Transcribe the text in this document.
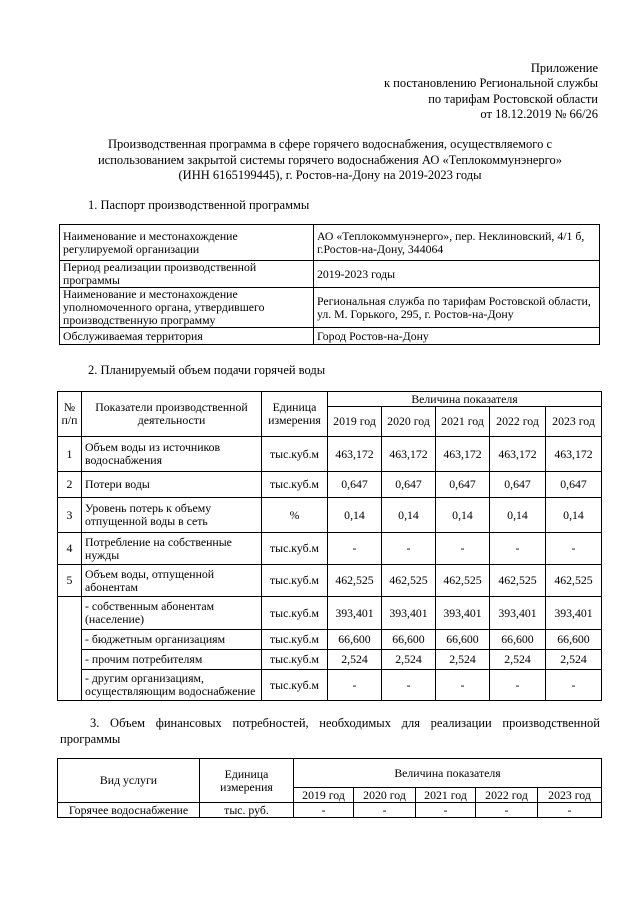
Приложение
к постановлению Региональной службы
по тарифам Ростовской области
от 18.12.2019 № 66/26
Производственная программа в сфере горячего водоснабжения, осуществляемого с
использованием закрытой системы горячего водоснабжения АО «Теплокоммунэнерго»
(ИНН 6165199445), г. Ростов-на-Дону на 2019-2023 годы
1. Паспорт производственной программы
Наименование и местонахождение регулируемой организации	АО «Теплокоммунэнерго», пер. Неклиновский, 4/1 б, г.Ростов-на-Дону, 344064
Период реализации производственной программы	2019-2023 годы
Наименование и местонахождение уполномоченного органа, утвердившего производственную программу	Региональная служба по тарифам Ростовской области, ул. М. Горького, 295, г. Ростов-на-Дону
Обслуживаемая территория	Город Ростов-на-Дону
2. Планируемый объем подачи горячей воды
№ п/п	Показатели производственной деятельности	Единица измерения	Величина показателя				
			2019 год	2020 год	2021 год	2022 год	2023 год
1	Объем воды из источников водоснабжения	тыс.куб.м	463,172	463,172	463,172	463,172	463,172
2	Потери воды	тыс.куб.м	0,647	0,647	0,647	0,647	0,647
3	Уровень потерь к объему отпущенной воды в сеть	%	0,14	0,14	0,14	0,14	0,14
4	Потребление на собственные нужды	тыс.куб.м	-	-	-	-	-
5	Объем воды, отпущенной абонентам	тыс.куб.м	462,525	462,525	462,525	462,525	462,525
	- собственным абонентам (население)	тыс.куб.м	393,401	393,401	393,401	393,401	393,401
	- бюджетным организациям	тыс.куб.м	66,600	66,600	66,600	66,600	66,600
	- прочим потребителям	тыс.куб.м	2,524	2,524	2,524	2,524	2,524
	- другим организациям, осуществляющим водоснабжение	тыс.куб.м	-	-	-	-	-
3. Объем финансовых потребностей, необходимых для реализации производственной
программы
Вид услуги	Единица измерения	Величина показателя				
		2019 год	2020 год	2021 год	2022 год	2023 год
Горячее водоснабжение	тыс. руб.	-	-	-	-	-
